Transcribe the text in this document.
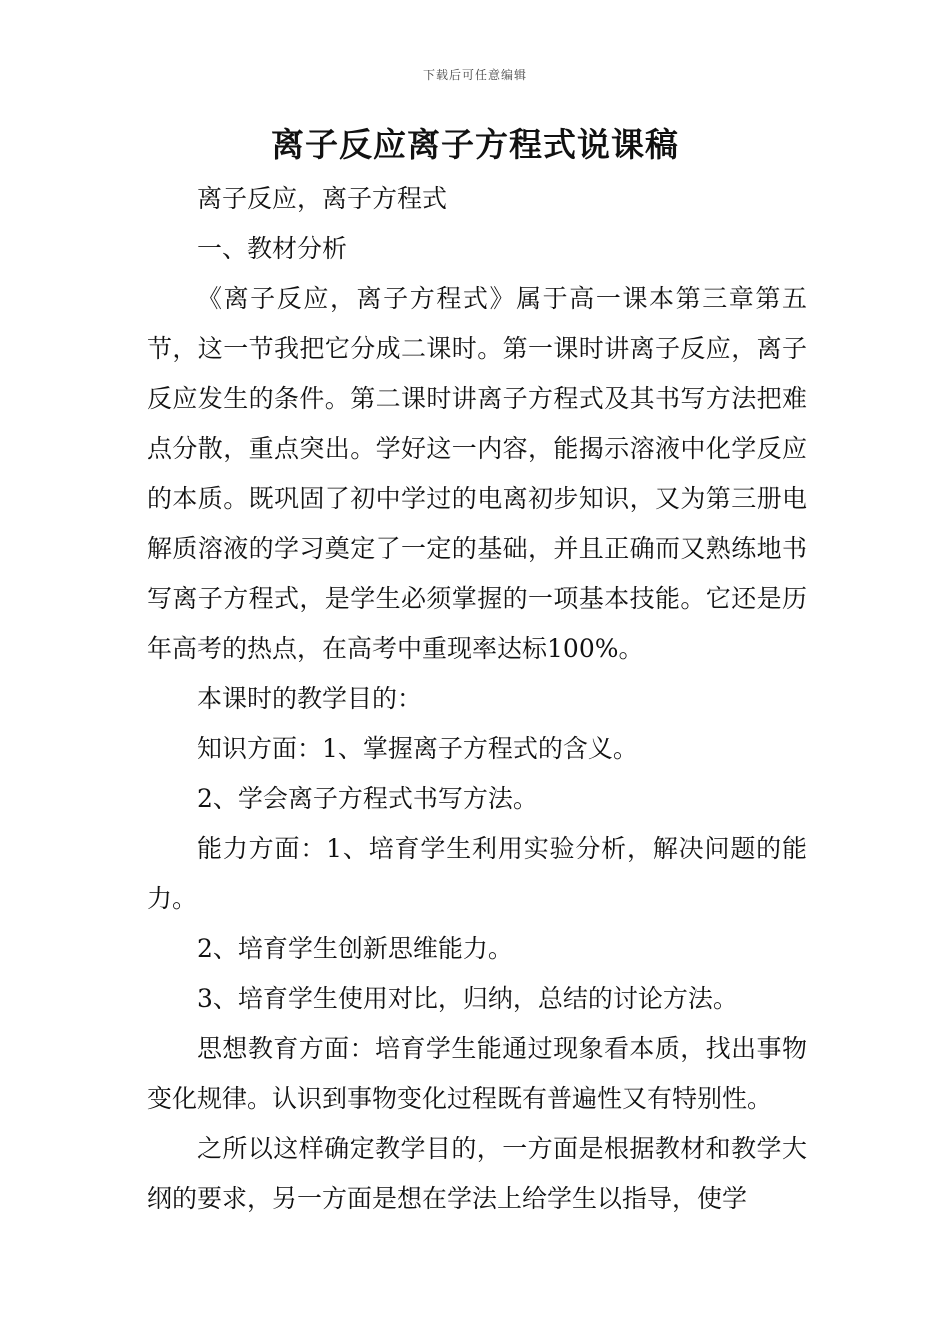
下载后可任意编辑
离子反应离子方程式说课稿

离子反应，离子方程式

一、教材分析

《离子反应，离子方程式》属于高一课本第三章第五节，这一节我把它分成二课时。第一课时讲离子反应，离子反应发生的条件。第二课时讲离子方程式及其书写方法把难点分散，重点突出。学好这一内容，能揭示溶液中化学反应的本质。既巩固了初中学过的电离初步知识，又为第三册电解质溶液的学习奠定了一定的基础，并且正确而又熟练地书写离子方程式，是学生必须掌握的一项基本技能。它还是历年高考的热点，在高考中重现率达标100%。

本课时的教学目的：

知识方面：1、掌握离子方程式的含义。

2、学会离子方程式书写方法。

能力方面：1、培育学生利用实验分析，解决问题的能力。

2、培育学生创新思维能力。

3、培育学生使用对比，归纳，总结的讨论方法。

思想教育方面：培育学生能通过现象看本质，找出事物变化规律。认识到事物变化过程既有普遍性又有特别性。

之所以这样确定教学目的，一方面是根据教材和教学大纲的要求，另一方面是想在学法上给学生以指导，使学
